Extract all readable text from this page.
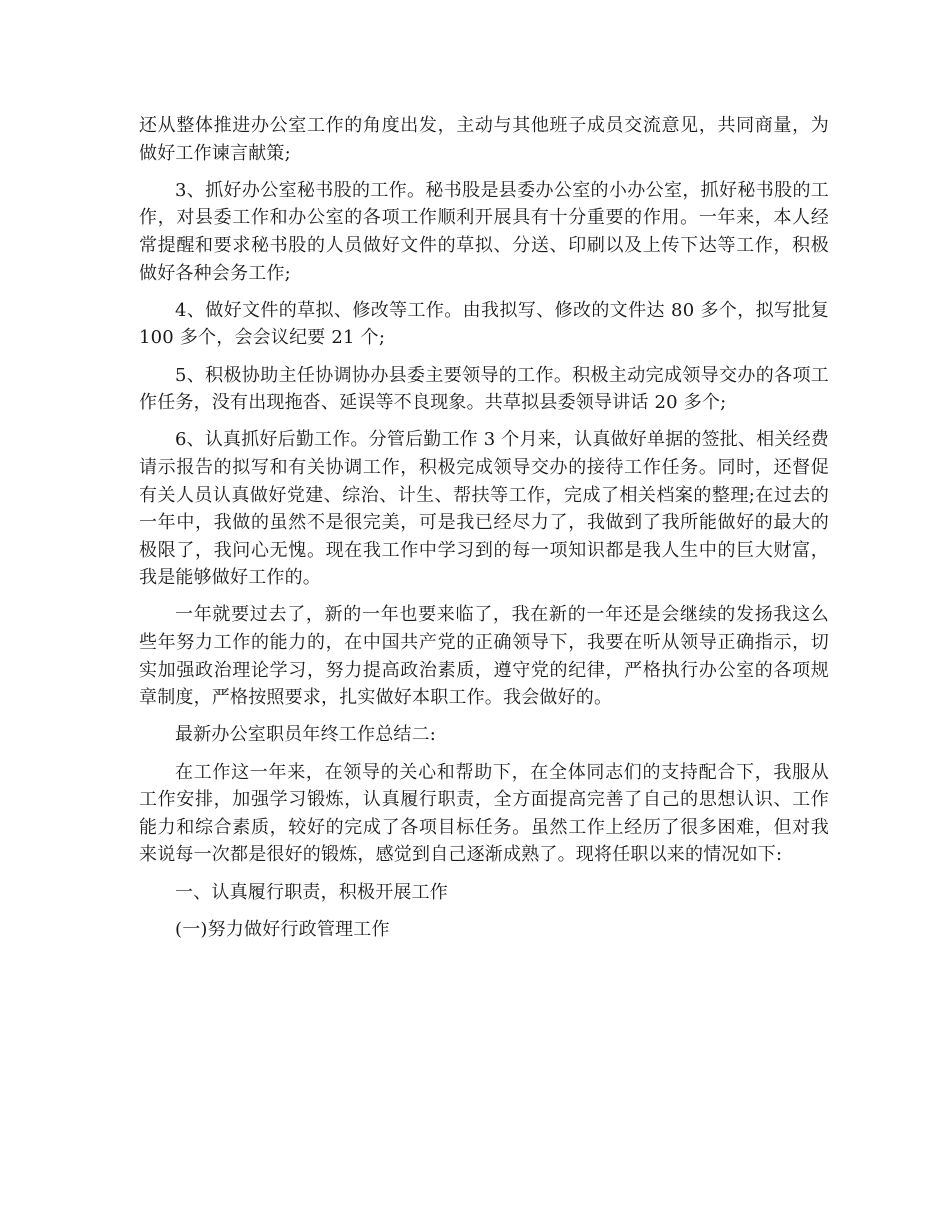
还从整体推进办公室工作的角度出发，主动与其他班子成员交流意见，共同商量，为做好工作谏言献策;

3、抓好办公室秘书股的工作。秘书股是县委办公室的小办公室，抓好秘书股的工作，对县委工作和办公室的各项工作顺利开展具有十分重要的作用。一年来，本人经常提醒和要求秘书股的人员做好文件的草拟、分送、印刷以及上传下达等工作，积极做好各种会务工作;

4、做好文件的草拟、修改等工作。由我拟写、修改的文件达 80 多个，拟写批复 100 多个，会会议纪要 21 个;

5、积极协助主任协调协办县委主要领导的工作。积极主动完成领导交办的各项工作任务，没有出现拖沓、延误等不良现象。共草拟县委领导讲话 20 多个;

6、认真抓好后勤工作。分管后勤工作 3 个月来，认真做好单据的签批、相关经费请示报告的拟写和有关协调工作，积极完成领导交办的接待工作任务。同时，还督促有关人员认真做好党建、综治、计生、帮扶等工作，完成了相关档案的整理;在过去的一年中，我做的虽然不是很完美，可是我已经尽力了，我做到了我所能做好的最大的极限了，我问心无愧。现在我工作中学习到的每一项知识都是我人生中的巨大财富，我是能够做好工作的。

一年就要过去了，新的一年也要来临了，我在新的一年还是会继续的发扬我这么些年努力工作的能力的，在中国共产党的正确领导下，我要在听从领导正确指示，切实加强政治理论学习，努力提高政治素质，遵守党的纪律，严格执行办公室的各项规章制度，严格按照要求，扎实做好本职工作。我会做好的。

最新办公室职员年终工作总结二:

在工作这一年来，在领导的关心和帮助下，在全体同志们的支持配合下，我服从工作安排，加强学习锻炼，认真履行职责，全方面提高完善了自己的思想认识、工作能力和综合素质，较好的完成了各项目标任务。虽然工作上经历了很多困难，但对我来说每一次都是很好的锻炼，感觉到自己逐渐成熟了。现将任职以来的情况如下:

一、认真履行职责，积极开展工作

(一)努力做好行政管理工作
